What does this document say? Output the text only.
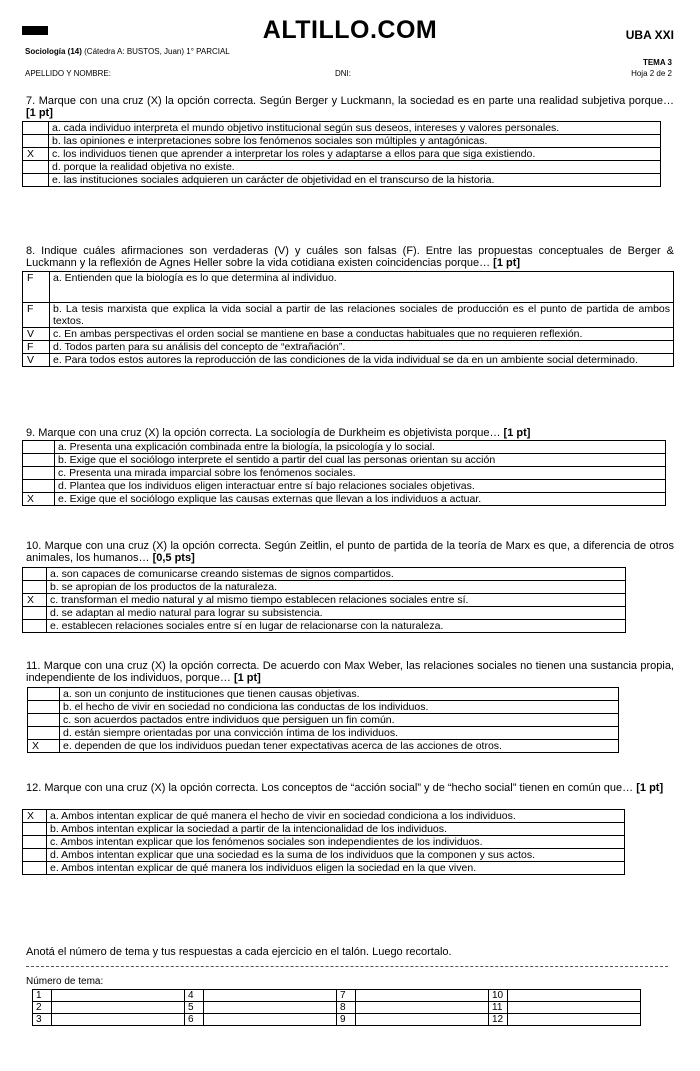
ALTILLO.COM	UBA XXI
Sociología (14) (Cátedra A: BUSTOS, Juan) 1° PARCIAL
APELLIDO Y NOMBRE:	DNI:
TEMA 3
Hoja 2 de 2
7. Marque con una cruz (X) la opción correcta. Según Berger y Luckmann, la sociedad es en parte una realidad subjetiva porque… [1 pt]
	a. cada individuo interpreta el mundo objetivo institucional según sus deseos, intereses y valores personales.
	b. las opiniones e interpretaciones sobre los fenómenos sociales son múltiples y antagónicas.
X	c. los individuos tienen que aprender a interpretar los roles y adaptarse a ellos para que siga existiendo.
	d. porque la realidad objetiva no existe.
	e. las instituciones sociales adquieren un carácter de objetividad en el transcurso de la historia.
8. Indique cuáles afirmaciones son verdaderas (V) y cuáles son falsas (F). Entre las propuestas conceptuales de Berger & Luckmann y la reflexión de Agnes Heller sobre la vida cotidiana existen coincidencias porque… [1 pt]
F	a. Entienden que la biología es lo que determina al individuo.
F	b. La tesis marxista que explica la vida social a partir de las relaciones sociales de producción es el punto de partida de ambos textos.
V	c. En ambas perspectivas el orden social se mantiene en base a conductas habituales que no requieren reflexión.
F	d. Todos parten para su análisis del concepto de “extrañación”.
V	e. Para todos estos autores la reproducción de las condiciones de la vida individual se da en un ambiente social determinado.
9. Marque con una cruz (X) la opción correcta. La sociología de Durkheim es objetivista porque… [1 pt]
	a. Presenta una explicación combinada entre la biología, la psicología y lo social.
	b. Exige que el sociólogo interprete el sentido a partir del cual las personas orientan su acción
	c. Presenta una mirada imparcial sobre los fenómenos sociales.
	d. Plantea que los individuos eligen interactuar entre sí bajo relaciones sociales objetivas.
X	e. Exige que el sociólogo explique las causas externas que llevan a los individuos a actuar.
10. Marque con una cruz (X) la opción correcta. Según Zeitlin, el punto de partida de la teoría de Marx es que, a diferencia de otros animales, los humanos… [0,5 pts]
	a. son capaces de comunicarse creando sistemas de signos compartidos.
	b. se apropian de los productos de la naturaleza.
X	c. transforman el medio natural y al mismo tiempo establecen relaciones sociales entre sí.
	d. se adaptan al medio natural para lograr su subsistencia.
	e. establecen relaciones sociales entre sí en lugar de relacionarse con la naturaleza.
11. Marque con una cruz (X) la opción correcta. De acuerdo con Max Weber, las relaciones sociales no tienen una sustancia propia, independiente de los individuos, porque… [1 pt]
	a. son un conjunto de instituciones que tienen causas objetivas.
	b. el hecho de vivir en sociedad no condiciona las conductas de los individuos.
	c. son acuerdos pactados entre individuos que persiguen un fin común.
	d. están siempre orientadas por una convicción íntima de los individuos.
X	e. dependen de que los individuos puedan tener expectativas acerca de las acciones de otros.
12. Marque con una cruz (X) la opción correcta. Los conceptos de “acción social” y de “hecho social” tienen en común que… [1 pt]
X	a. Ambos intentan explicar de qué manera el hecho de vivir en sociedad condiciona a los individuos.
	b. Ambos intentan explicar la sociedad a partir de la intencionalidad de los individuos.
	c. Ambos intentan explicar que los fenómenos sociales son independientes de los individuos.
	d. Ambos intentan explicar que una sociedad es la suma de los individuos que la componen y sus actos.
	e. Ambos intentan explicar de qué manera los individuos eligen la sociedad en la que viven.
Anotá el número de tema y tus respuestas a cada ejercicio en el talón. Luego recortalo.
Número de tema:
1		4		7		10	
2		5		8		11	
3		6		9		12	
